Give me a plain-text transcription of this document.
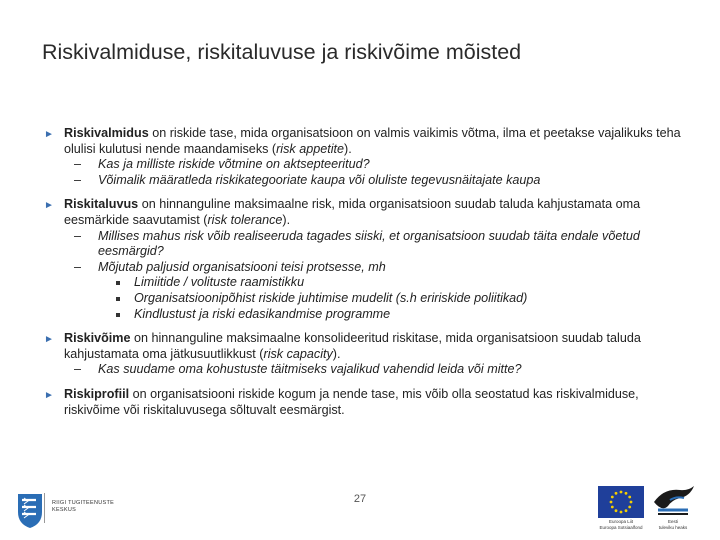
Riskivalmiduse, riskitaluvuse ja riskivõime mõisted
► Riskivalmidus on riskide tase, mida organisatsioon on valmis vaikimis võtma, ilma et peetakse vajalikuks teha olulisi kulutusi nende maandamiseks (risk appetite).
– Kas ja milliste riskide võtmine on aktsepteeritud?
– Võimalik määratleda riskikategooriate kaupa või oluliste tegevusnäitajate kaupa
► Riskitaluvus on hinnanguline maksimaalne risk, mida organisatsioon suudab taluda kahjustamata oma eesmärkide saavutamist (risk tolerance).
– Millises mahus risk võib realiseeruda tagades siiski, et organisatsioon suudab täita endale võetud eesmärgid?
– Mõjutab paljusid organisatsiooni teisi protsesse, mh
Limiitide / volituste raamistikku
Organisatsioonipõhist riskide juhtimise mudelit (s.h eririskide poliitikad)
Kindlustust ja riski edasikandmise programme
► Riskivõime on hinnanguline maksimaalne konsolideeritud riskitase, mida organisatsioon suudab taluda kahjustamata oma jätkusuutlikkust (risk capacity).
– Kas suudame oma kohustuste täitmiseks vajalikud vahendid leida või mitte?
► Riskiprofiil on organisatsiooni riskide kogum ja nende tase, mis võib olla seostatud kas riskivalmiduse, riskivõime või riskitaluvusega sõltuvalt eesmärgist.
27
RIIGI TUGITEENUSTE
KESKUS
Euroopa Liit
Euroopa Sotsiaalfond
Eesti
tuleviku heaks
